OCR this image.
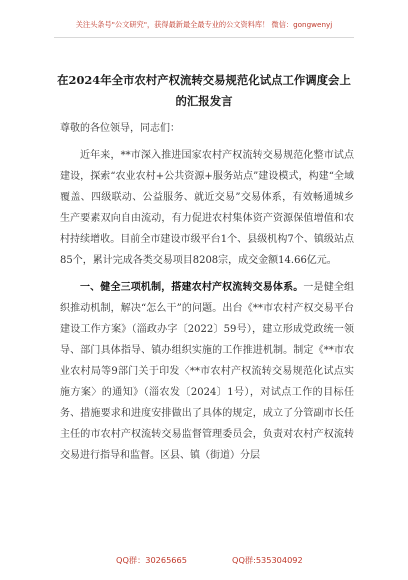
关注头条号"公文研究"，获得最新最全最专业的公文资料库！ 微信：gongwenyj
在2024年全市农村产权流转交易规范化试点工作调度会上
的汇报发言

尊敬的各位领导，同志们：

近年来，**市深入推进国家农村产权流转交易规范化整市试点建设，探索“农业农村+公共资源+服务站点”建设模式，构建“全域覆盖、四级联动、公益服务、就近交易”交易体系，有效畅通城乡生产要素双向自由流动，有力促进农村集体资产资源保值增值和农村持续增收。目前全市建设市级平台1个、县级机构7个、镇级站点85个，累计完成各类交易项目8208宗，成交金额14.66亿元。

一、健全三项机制，搭建农村产权流转交易体系。一是健全组织推动机制，解决“怎么干”的问题。出台《**市农村产权交易平台建设工作方案》（淄政办字〔2022〕59号），建立形成党政统一领导、部门具体指导、镇办组织实施的工作推进机制。制定《**市农业农村局等9部门关于印发〈**市农村产权流转交易规范化试点实施方案〉的通知》（淄农发〔2024〕1号），对试点工作的目标任务、措施要求和进度安排做出了具体的规定，成立了分管副市长任主任的市农村产权流转交易监督管理委员会，负责对农村产权流转交易进行指导和监督。区县、镇（街道）分层

QQ群：30265665	QQ群:535304092
